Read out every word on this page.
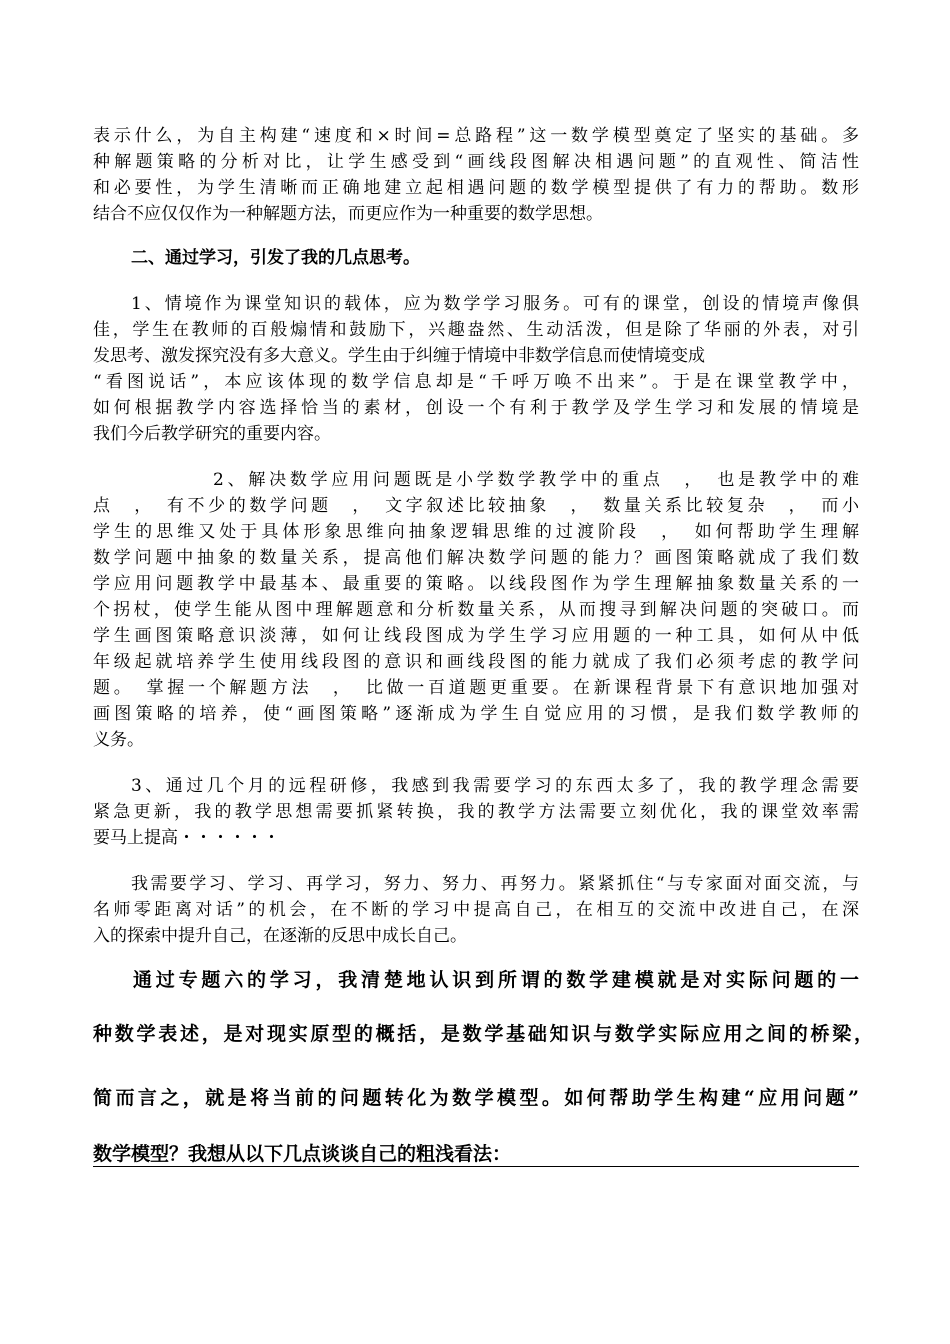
表示什么，为自主构建“速度和×时间=总路程”这一数学模型奠定了坚实的基础。多
种解题策略的分析对比，让学生感受到“画线段图解决相遇问题”的直观性、简洁性
和必要性，为学生清晰而正确地建立起相遇问题的数学模型提供了有力的帮助。数形
结合不应仅仅作为一种解题方法，而更应作为一种重要的数学思想。
二、通过学习，引发了我的几点思考。
1、情境作为课堂知识的载体，应为数学学习服务。可有的课堂，创设的情境声像俱
佳，学生在教师的百般煽情和鼓励下，兴趣盎然、生动活泼，但是除了华丽的外表，对引
发思考、激发探究没有多大意义。学生由于纠缠于情境中非数学信息而使情境变成
“看图说话”，本应该体现的数学信息却是“千呼万唤不出来”。于是在课堂教学中，
如何根据教学内容选择恰当的素材，创设一个有利于教学及学生学习和发展的情境是
我们今后教学研究的重要内容。
2、解决数学应用问题既是小学数学教学中的重点　，　也是教学中的难
点　，　有不少的数学问题　，　文字叙述比较抽象　，　数量关系比较复杂　，　而小
学生的思维又处于具体形象思维向抽象逻辑思维的过渡阶段　，　如何帮助学生理解
数学问题中抽象的数量关系，提高他们解决数学问题的能力？画图策略就成了我们数
学应用问题教学中最基本、最重要的策略。以线段图作为学生理解抽象数量关系的一
个拐杖，使学生能从图中理解题意和分析数量关系，从而搜寻到解决问题的突破口。而
学生画图策略意识淡薄，如何让线段图成为学生学习应用题的一种工具，如何从中低
年级起就培养学生使用线段图的意识和画线段图的能力就成了我们必须考虑的教学问
题。　掌握一个解题方法　，　比做一百道题更重要。在新课程背景下有意识地加强对
画图策略的培养，使“画图策略”逐渐成为学生自觉应用的习惯，是我们数学教师的
义务。
3、通过几个月的远程研修，我感到我需要学习的东西太多了，我的教学理念需要
紧急更新，我的教学思想需要抓紧转换，我的教学方法需要立刻优化，我的课堂效率需
要马上提高・・・・・・
我需要学习、学习、再学习，努力、努力、再努力。紧紧抓住“与专家面对面交流，与
名师零距离对话”的机会，在不断的学习中提高自己，在相互的交流中改进自己，在深
入的探索中提升自己，在逐渐的反思中成长自己。
通过专题六的学习，我清楚地认识到所谓的数学建模就是对实际问题的一
种数学表述，是对现实原型的概括，是数学基础知识与数学实际应用之间的桥梁，
简而言之，就是将当前的问题转化为数学模型。如何帮助学生构建“应用问题”
数学模型？我想从以下几点谈谈自己的粗浅看法：
